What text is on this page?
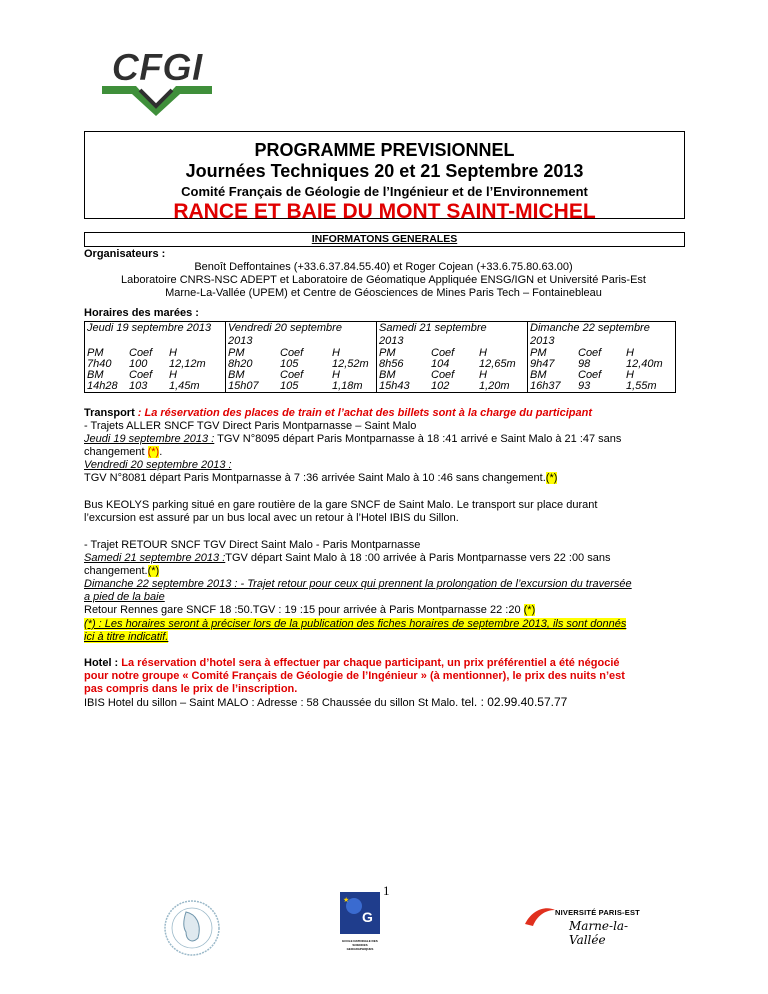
CFGI
PROGRAMME PREVISIONNEL
Journées Techniques 20 et 21 Septembre 2013
Comité Français de Géologie de l’Ingénieur et de l’Environnement
RANCE ET BAIE DU MONT SAINT-MICHEL
INFORMATONS GENERALES
Organisateurs :
Benoît Deffontaines (+33.6.37.84.55.40) et Roger Cojean (+33.6.75.80.63.00)
Laboratoire CNRS-NSC ADEPT et Laboratoire de Géomatique Appliquée ENSG/IGN et Université Paris-Est
Marne-La-Vallée (UPEM) et Centre de Géosciences de Mines Paris Tech – Fontainebleau
Horaires des marées :
Jeudi 19 septembre 2013
PM	Coef	H
7h40	100	12,12m
BM	Coef	H
14h28	103	1,45m

Vendredi 20 septembre
2013
PM	Coef	H
8h20	105	12,52m
BM	Coef	H
15h07	105	1,18m

Samedi 21 septembre
2013
PM	Coef	H
8h56	104	12,65m
BM	Coef	H
15h43	102	1,20m

Dimanche 22 septembre
2013
PM	Coef	H
9h47	98	12,40m
BM	Coef	H
16h37	93	1,55m
Transport : La réservation des places de train et l’achat des billets sont à la charge du participant
- Trajets ALLER SNCF TGV Direct Paris Montparnasse – Saint Malo
Jeudi 19 septembre 2013 : TGV N°8095 départ Paris Montparnasse à 18 :41 arrivé e Saint Malo à 21 :47 sans
changement (*).
Vendredi 20 septembre 2013 :
TGV N°8081 départ Paris Montparnasse à 7 :36 arrivée Saint Malo à 10 :46 sans changement.(*)
Bus KEOLYS parking situé en gare routière de la gare SNCF de Saint Malo. Le transport sur place durant
l’excursion est assuré par un bus local avec un retour à l’Hotel IBIS du Sillon.
- Trajet RETOUR SNCF TGV Direct Saint Malo - Paris Montparnasse
Samedi 21 septembre 2013 :TGV départ Saint Malo à 18 :00 arrivée à Paris Montparnasse vers 22 :00 sans
changement.(*)
Dimanche 22 septembre 2013 : - Trajet retour pour ceux qui prennent la prolongation de l’excursion du traversée
a pied de la baie
Retour Rennes gare SNCF 18 :50.TGV : 19 :15 pour arrivée à Paris Montparnasse 22 :20 (*)
(*) : Les horaires seront à préciser lors de la publication des fiches horaires de septembre 2013, ils sont donnés
ici à titre indicatif.
Hotel : La réservation d’hotel sera à effectuer par chaque participant, un prix préférentiel a été négocié
pour notre groupe « Comité Français de Géologie de l’Ingénieur » (à mentionner), le prix des nuits n’est
pas compris dans le prix de l’inscription.
IBIS Hotel du sillon – Saint MALO : Adresse : 58 Chaussée du sillon St Malo. tel. : 02.99.40.57.77
1
G
★
ECOLE NATIONALE DES SCIENCES GEOGRAPHIQUES
NIVERSITÉ PARIS-EST
Marne-la-Vallée
